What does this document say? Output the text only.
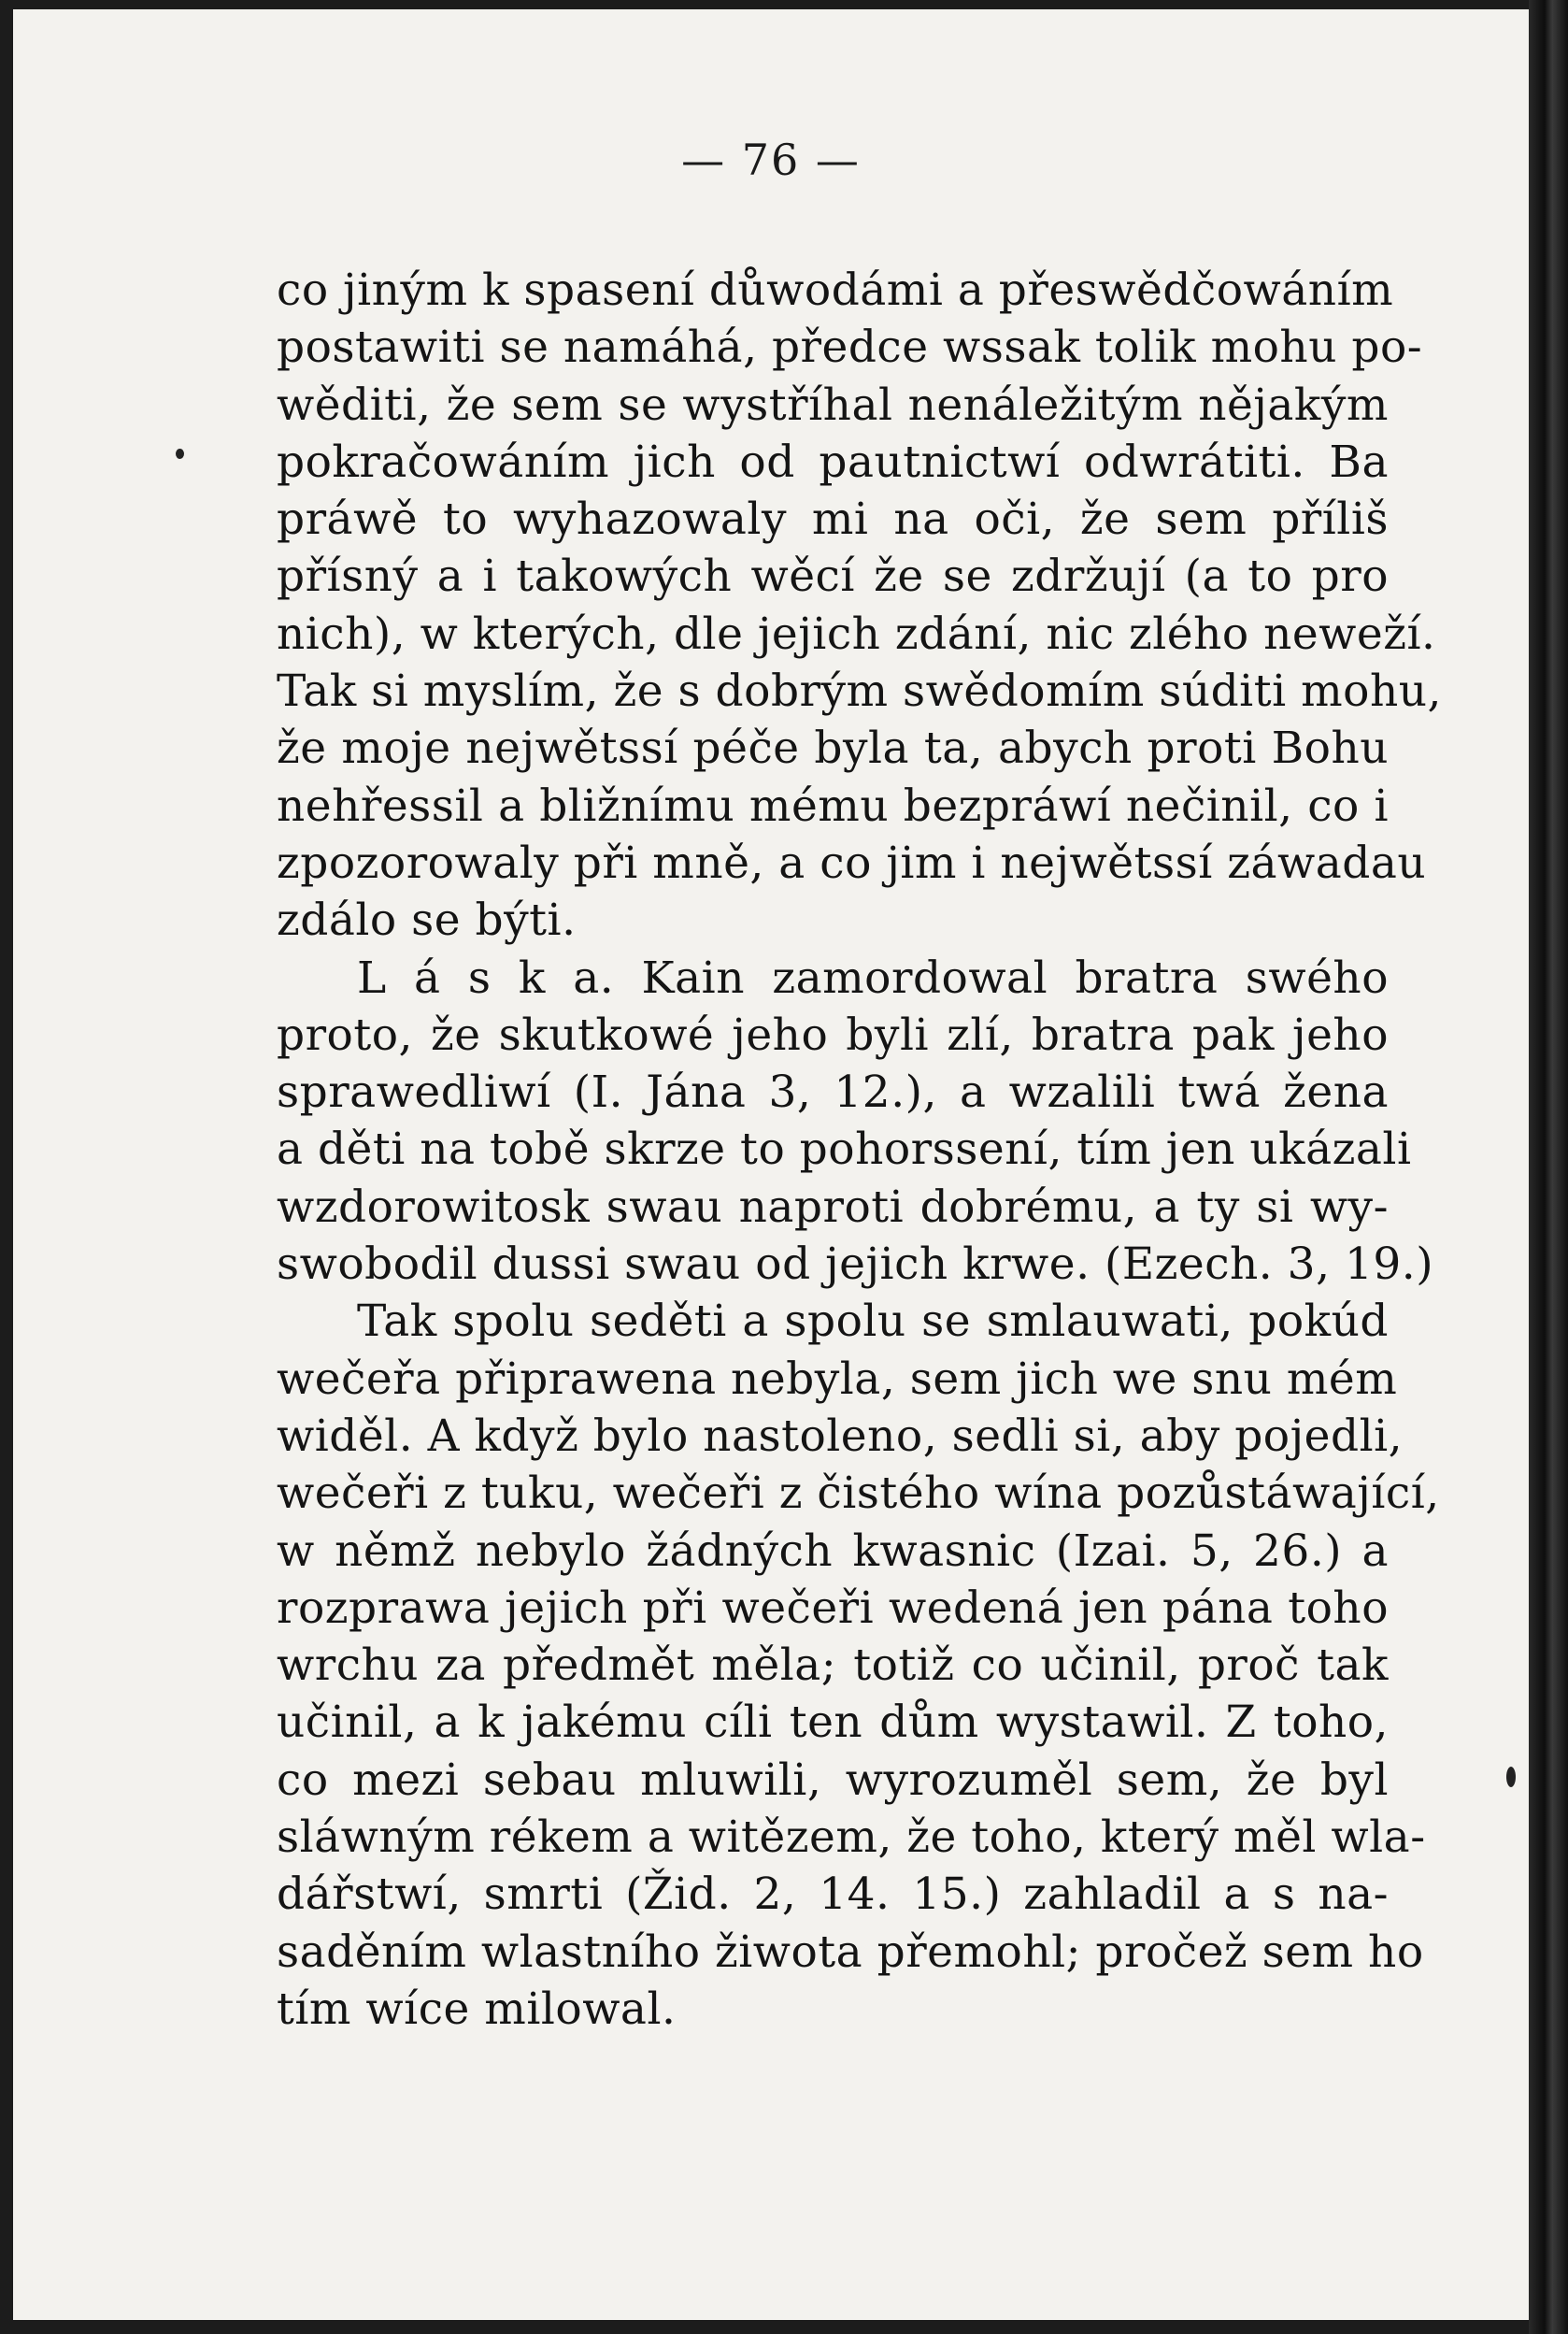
— 76 —
co jiným k spasení důwodámi a přeswědčowáním
postawiti se namáhá, předce wssak tolik mohu po-
wěditi, že sem se wystříhal nenáležitým nějakým
pokračowáním jich od pautnictwí odwrátiti. Ba
práwě to wyhazowaly mi na oči, že sem příliš
přísný a i takowých wěcí že se zdržují (a to pro
nich), w kterých, dle jejich zdání, nic zlého neweží.
Tak si myslím, že s dobrým swědomím súditi mohu,
že moje nejwětssí péče byla ta, abych proti Bohu
nehřessil a bližnímu mému bezpráwí nečinil, co i
zpozorowaly při mně, a co jim i nejwětssí záwadau
zdálo se býti.
L á s k a. Kain zamordowal bratra swého
proto, že skutkowé jeho byli zlí, bratra pak jeho
sprawedliwí (I. Jána 3, 12.), a wzalili twá žena
a děti na tobě skrze to pohorssení, tím jen ukázali
wzdorowitosk swau naproti dobrému, a ty si wy-
swobodil dussi swau od jejich krwe. (Ezech. 3, 19.)
Tak spolu seděti a spolu se smlauwati, pokúd
wečeřa připrawena nebyla, sem jich we snu mém
widěl. A když bylo nastoleno, sedli si, aby pojedli,
wečeři z tuku, wečeři z čistého wína pozůstáwající,
w němž nebylo žádných kwasnic (Izai. 5, 26.) a
rozprawa jejich při wečeři wedená jen pána toho
wrchu za předmět měla; totiž co učinil, proč tak
učinil, a k jakému cíli ten dům wystawil. Z toho,
co mezi sebau mluwili, wyrozuměl sem, že byl
sláwným rékem a witězem, že toho, který měl wla-
dářstwí, smrti (Žid. 2, 14. 15.) zahladil a s na-
saděním wlastního žiwota přemohl; pročež sem ho
tím wíce milowal.
